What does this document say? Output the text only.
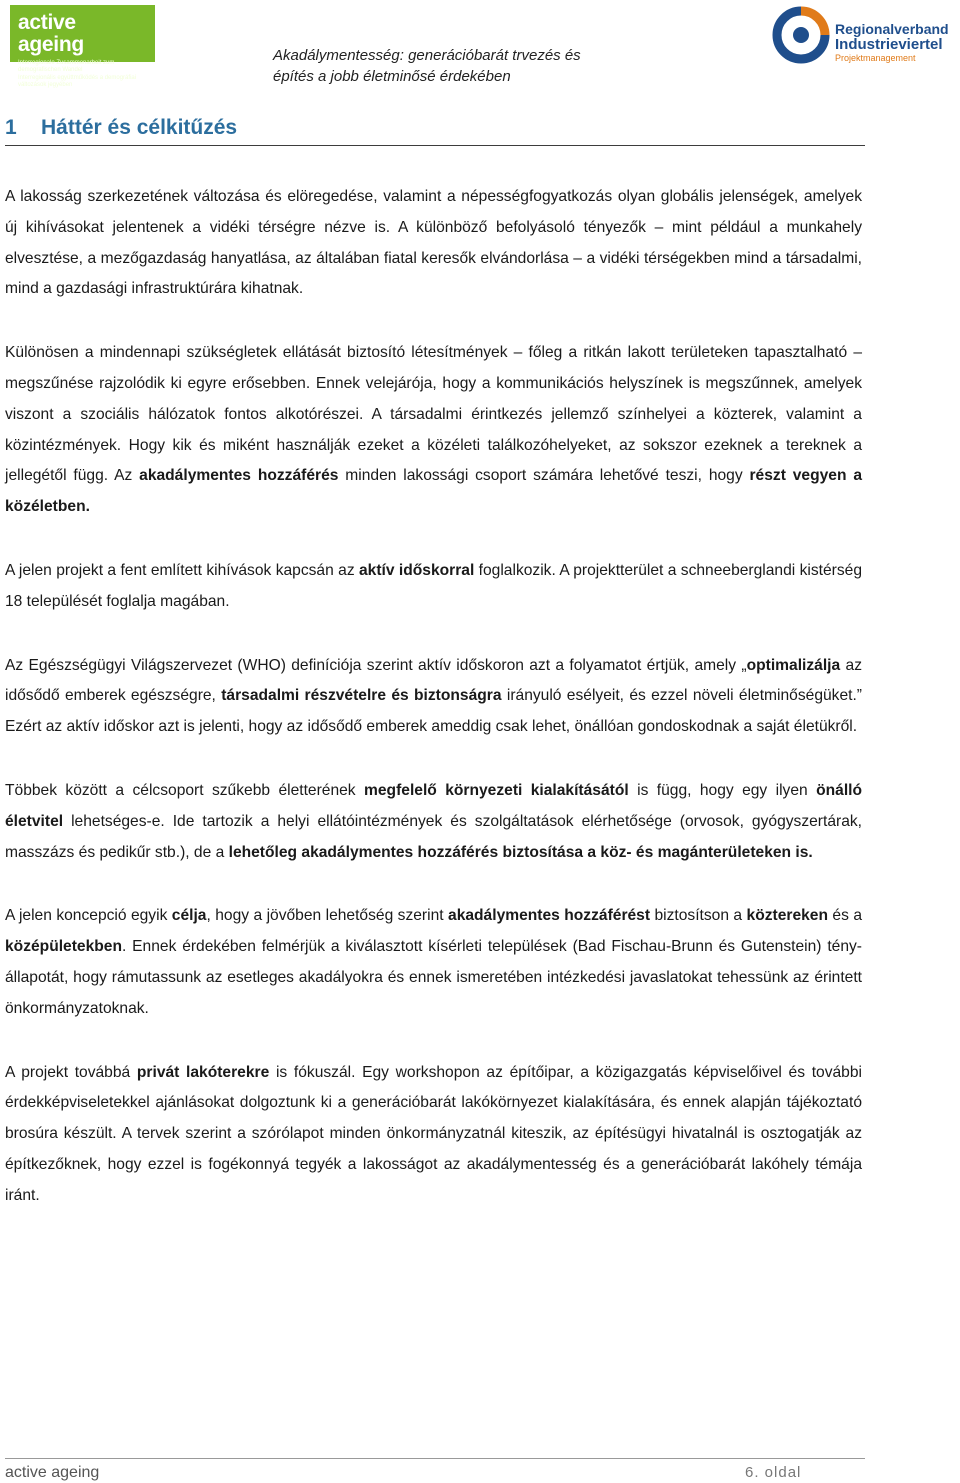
active ageing
Interregionale Zusammenarbeit zum demografischen Wandel
Interregionális együttműködés a demográfiai változások jegyében
Akadálymentesség: generációbarát trvezés és
építés a jobb életminősé érdekében
Regionalverband
Industrieviertel
Projektmanagement
1 Háttér és célkitűzés

A lakosság szerkezetének változása és elöregedése, valamint a népességfogyatkozás olyan globális jelenségek, amelyek új kihívásokat jelentenek a vidéki térségre nézve is. A különböző befolyásoló tényezők – mint például a munkahely elvesztése, a mezőgazdaság hanyatlása, az általában fiatal keresők elvándorlása – a vidéki térségekben mind a társadalmi, mind a gazdasági infrastruktúrára kihatnak.

Különösen a mindennapi szükségletek ellátását biztosító létesítmények – főleg a ritkán lakott területeken tapasztalható – megszűnése rajzolódik ki egyre erősebben. Ennek velejárója, hogy a kommunikációs helyszínek is megszűnnek, amelyek viszont a szociális hálózatok fontos alkotórészei. A társadalmi érintkezés jellemző színhelyei a közterek, valamint a közintézmények. Hogy kik és miként használják ezeket a közéleti találkozóhelyeket, az sokszor ezeknek a tereknek a jellegétől függ. Az akadálymentes hozzáférés minden lakossági csoport számára lehetővé teszi, hogy részt vegyen a közéletben.

A jelen projekt a fent említett kihívások kapcsán az aktív időskorral foglalkozik. A projektterület a schneeberglandi kistérség 18 települését foglalja magában.

Az Egészségügyi Világszervezet (WHO) definíciója szerint aktív időskoron azt a folyamatot értjük, amely „optimalizálja az idősődő emberek egészségre, társadalmi részvételre és biztonságra irányuló esélyeit, és ezzel növeli életminőségüket.” Ezért az aktív időskor azt is jelenti, hogy az idősődő emberek ameddig csak lehet, önállóan gondoskodnak a saját életükről.

Többek között a célcsoport szűkebb életterének megfelelő környezeti kialakításától is függ, hogy egy ilyen önálló életvitel lehetséges-e. Ide tartozik a helyi ellátóintézmények és szolgáltatások elérhetősége (orvosok, gyógyszertárak, masszázs és pedikűr stb.), de a lehetőleg akadálymentes hozzáférés biztosítása a köz- és magánterületeken is.

A jelen koncepció egyik célja, hogy a jövőben lehetőség szerint akadálymentes hozzáférést biztosítson a köztereken és a középületekben. Ennek érdekében felmérjük a kiválasztott kísérleti települések (Bad Fischau-Brunn és Gutenstein) tény-állapotát, hogy rámutassunk az esetleges akadályokra és ennek ismeretében intézkedési javaslatokat tehessünk az érintett önkormányzatoknak.

A projekt továbbá privát lakóterekre is fókuszál. Egy workshopon az építőipar, a közigazgatás képviselőivel és további érdekképviseletekkel ajánlásokat dolgoztunk ki a generációbarát lakókörnyezet kialakítására, és ennek alapján tájékoztató brosúra készült. A tervek szerint a szórólapot minden önkormányzatnál kiteszik, az építésügyi hivatalnál is osztogatják az építkezőknek, hogy ezzel is fogékonnyá tegyék a lakosságot az akadálymentesség és a generációbarát lakóhely témája iránt.

active ageing	6. oldal
